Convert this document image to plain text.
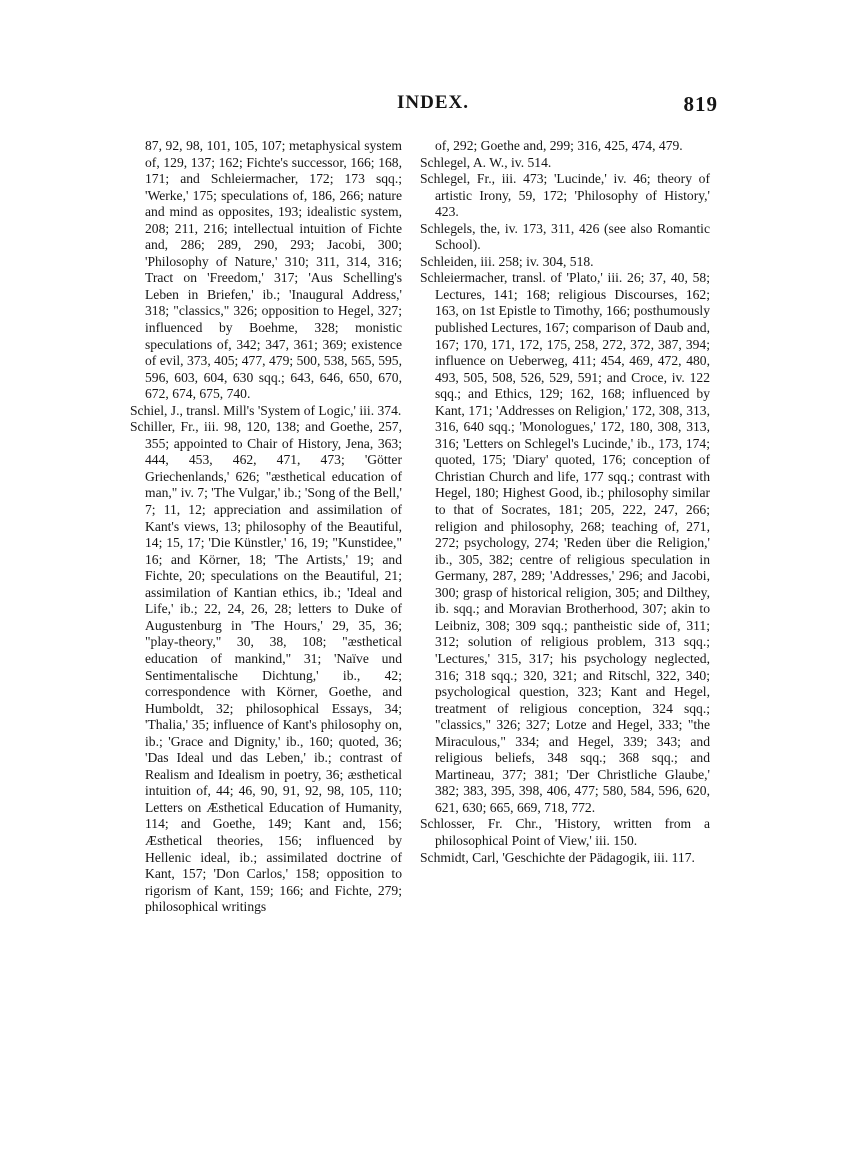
INDEX.	819

87, 92, 98, 101, 105, 107; metaphysical system of, 129, 137; 162; Fichte's successor, 166; 168, 171; and Schleiermacher, 172; 173 sqq.; 'Werke,' 175; speculations of, 186, 266; nature and mind as opposites, 193; idealistic system, 208; 211, 216; intellectual intuition of Fichte and, 286; 289, 290, 293; Jacobi, 300; 'Philosophy of Nature,' 310; 311, 314, 316; Tract on 'Freedom,' 317; 'Aus Schelling's Leben in Briefen,' ib.; 'Inaugural Address,' 318; "classics," 326; opposition to Hegel, 327; influenced by Boehme, 328; monistic speculations of, 342; 347, 361; 369; existence of evil, 373, 405; 477, 479; 500, 538, 565, 595, 596, 603, 604, 630 sqq.; 643, 646, 650, 670, 672, 674, 675, 740.

Schiel, J., transl. Mill's 'System of Logic,' iii. 374.

Schiller, Fr., iii. 98, 120, 138; and Goethe, 257, 355; appointed to Chair of History, Jena, 363; 444, 453, 462, 471, 473; 'Götter Griechenlands,' 626; "æsthetical education of man," iv. 7; 'The Vulgar,' ib.; 'Song of the Bell,' 7; 11, 12; appreciation and assimilation of Kant's views, 13; philosophy of the Beautiful, 14; 15, 17; 'Die Künstler,' 16, 19; "Kunstidee," 16; and Körner, 18; 'The Artists,' 19; and Fichte, 20; speculations on the Beautiful, 21; assimilation of Kantian ethics, ib.; 'Ideal and Life,' ib.; 22, 24, 26, 28; letters to Duke of Augustenburg in 'The Hours,' 29, 35, 36; "play-theory," 30, 38, 108; "æsthetical education of mankind," 31; 'Naïve und Sentimentalische Dichtung,' ib., 42; correspondence with Körner, Goethe, and Humboldt, 32; philosophical Essays, 34; 'Thalia,' 35; influence of Kant's philosophy on, ib.; 'Grace and Dignity,' ib., 160; quoted, 36; 'Das Ideal und das Leben,' ib.; contrast of Realism and Idealism in poetry, 36; æsthetical intuition of, 44; 46, 90, 91, 92, 98, 105, 110; Letters on Æsthetical Education of Humanity, 114; and Goethe, 149; Kant and, 156; Æsthetical theories, 156; influenced by Hellenic ideal, ib.; assimilated doctrine of Kant, 157; 'Don Carlos,' 158; opposition to rigorism of Kant, 159; 166; and Fichte, 279; philosophical writings

of, 292; Goethe and, 299; 316, 425, 474, 479.

Schlegel, A. W., iv. 514.

Schlegel, Fr., iii. 473; 'Lucinde,' iv. 46; theory of artistic Irony, 59, 172; 'Philosophy of History,' 423.

Schlegels, the, iv. 173, 311, 426 (see also Romantic School).

Schleiden, iii. 258; iv. 304, 518.

Schleiermacher, transl. of 'Plato,' iii. 26; 37, 40, 58; Lectures, 141; 168; religious Discourses, 162; 163, on 1st Epistle to Timothy, 166; posthumously published Lectures, 167; comparison of Daub and, 167; 170, 171, 172, 175, 258, 272, 372, 387, 394; influence on Ueberweg, 411; 454, 469, 472, 480, 493, 505, 508, 526, 529, 591; and Croce, iv. 122 sqq.; and Ethics, 129; 162, 168; influenced by Kant, 171; 'Addresses on Religion,' 172, 308, 313, 316, 640 sqq.; 'Monologues,' 172, 180, 308, 313, 316; 'Letters on Schlegel's Lucinde,' ib., 173, 174; quoted, 175; 'Diary' quoted, 176; conception of Christian Church and life, 177 sqq.; contrast with Hegel, 180; Highest Good, ib.; philosophy similar to that of Socrates, 181; 205, 222, 247, 266; religion and philosophy, 268; teaching of, 271, 272; psychology, 274; 'Reden über die Religion,' ib., 305, 382; centre of religious speculation in Germany, 287, 289; 'Addresses,' 296; and Jacobi, 300; grasp of historical religion, 305; and Dilthey, ib. sqq.; and Moravian Brotherhood, 307; akin to Leibniz, 308; 309 sqq.; pantheistic side of, 311; 312; solution of religious problem, 313 sqq.; 'Lectures,' 315, 317; his psychology neglected, 316; 318 sqq.; 320, 321; and Ritschl, 322, 340; psychological question, 323; Kant and Hegel, treatment of religious conception, 324 sqq.; "classics," 326; 327; Lotze and Hegel, 333; "the Miraculous," 334; and Hegel, 339; 343; and religious beliefs, 348 sqq.; 368 sqq.; and Martineau, 377; 381; 'Der Christliche Glaube,' 382; 383, 395, 398, 406, 477; 580, 584, 596, 620, 621, 630; 665, 669, 718, 772.

Schlosser, Fr. Chr., 'History, written from a philosophical Point of View,' iii. 150.

Schmidt, Carl, 'Geschichte der Pädagogik, iii. 117.
